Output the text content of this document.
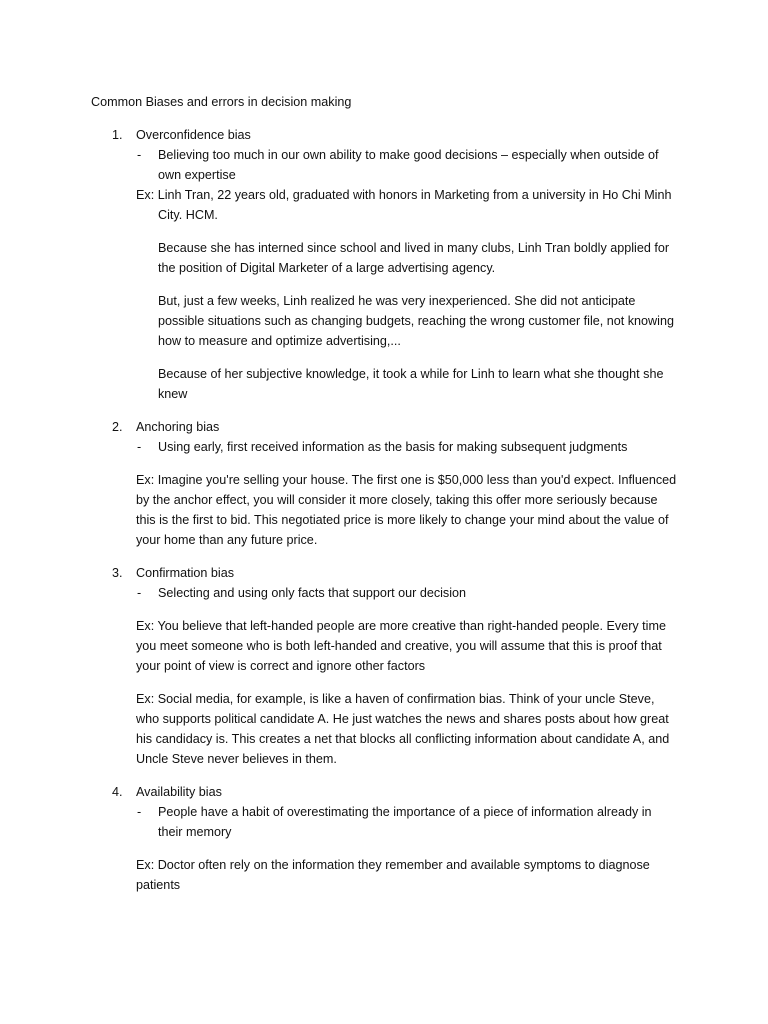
Common Biases and errors in decision making
1.	Overconfidence bias
-	Believing too much in our own ability to make good decisions – especially when outside of
own expertise
Ex: Linh Tran, 22 years old, graduated with honors in Marketing from a university in Ho Chi Minh
City. HCM.
Because she has interned since school and lived in many clubs, Linh Tran boldly applied for
the position of Digital Marketer of a large advertising agency.
But, just a few weeks, Linh realized he was very inexperienced. She did not anticipate
possible situations such as changing budgets, reaching the wrong customer file, not knowing
how to measure and optimize advertising,...
Because of her subjective knowledge, it took a while for Linh to learn what she thought she
knew
2.	Anchoring bias
-	Using early, first received information as the basis for making subsequent judgments
Ex: Imagine you're selling your house. The first one is $50,000 less than you'd expect. Influenced
by the anchor effect, you will consider it more closely, taking this offer more seriously because
this is the first to bid. This negotiated price is more likely to change your mind about the value of
your home than any future price.
3.	Confirmation bias
-	Selecting and using only facts that support our decision
Ex: You believe that left-handed people are more creative than right-handed people. Every time
you meet someone who is both left-handed and creative, you will assume that this is proof that
your point of view is correct and ignore other factors
Ex: Social media, for example, is like a haven of confirmation bias. Think of your uncle Steve,
who supports political candidate A. He just watches the news and shares posts about how great
his candidacy is. This creates a net that blocks all conflicting information about candidate A, and
Uncle Steve never believes in them.
4.	Availability bias
-	People have a habit of overestimating the importance of a piece of information already in
their memory
Ex: Doctor often rely on the information they remember and available symptoms to diagnose
patients
